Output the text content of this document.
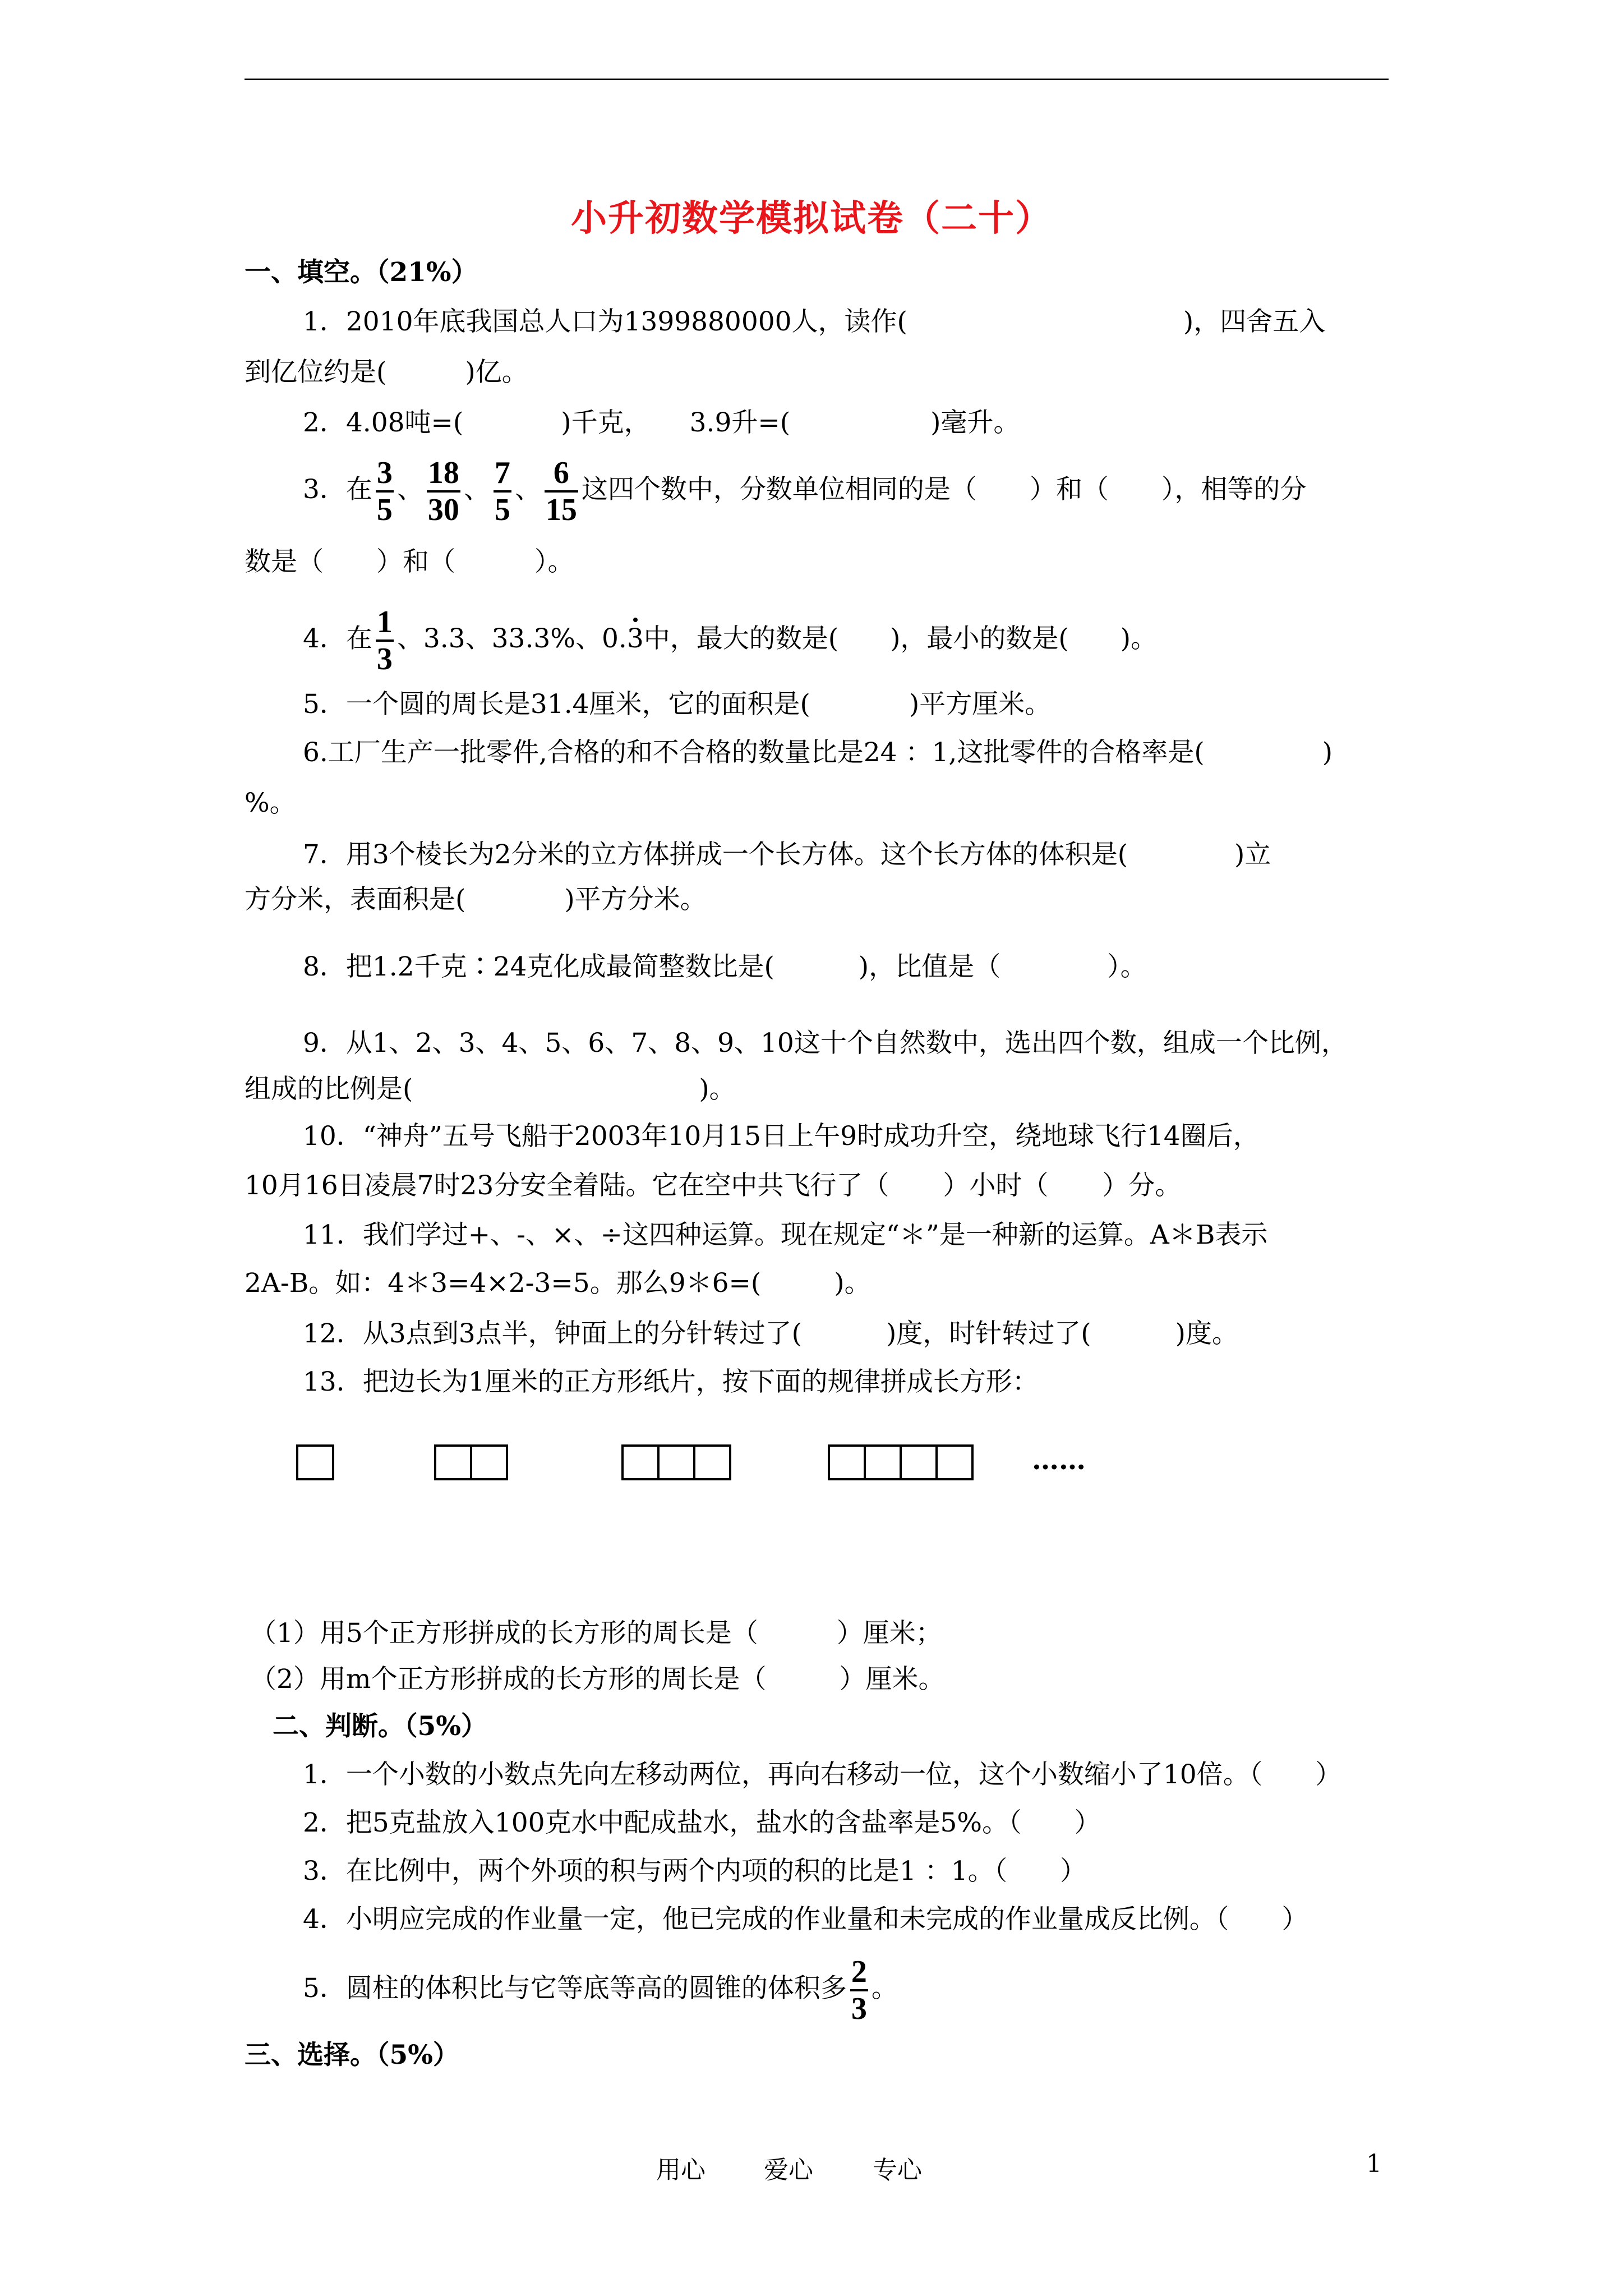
小升初数学模拟试卷（二十）
一、填空。（21%）
1．2010年底我国总人口为1399880000人，读作(	)，四舍五入
到亿位约是(	)亿。
2．4.08吨=(	)千克， 3.9升=(	)毫升。
3．在 $\frac{3}{5}$ 、 $\frac{18}{30}$ 、 $\frac{7}{5}$ 、 $\frac{6}{15}$ 这四个数中，分数单位相同的是（　　）和（　　），相等的分
数是（　　）和（　　　）。
4．在 $\frac{1}{3}$ 、3.3、33.3%、0.3中，最大的数是( )，最小的数是( )。
5．一个圆的周长是31.4厘米，它的面积是(	)平方厘米。
6.工厂生产一批零件,合格的和不合格的数量比是24 ：1,这批零件的合格率是(	)
%。
7．用3个棱长为2分米的立方体拼成一个长方体。这个长方体的体积是(	)立
方分米，表面积是(	)平方分米。
8．把1.2千克∶24克化成最简整数比是(	)，比值是（	）。
9．从1、2、3、4、5、6、7、8、9、10这十个自然数中，选出四个数，组成一个比例，
组成的比例是(	)。
10．“神舟”五号飞船于2003年10月15日上午9时成功升空，绕地球飞行14圈后，
10月16日凌晨7时23分安全着陆。它在空中共飞行了（ ）小时（ ）分。
11．我们学过+、-、×、÷这四种运算。现在规定“＊”是一种新的运算。A＊B表示
2A-B。如：4＊3=4×2-3=5。那么9＊6=(	)。
12．从3点到3点半，钟面上的分针转过了(	)度，时针转过了(	)度。
13．把边长为1厘米的正方形纸片，按下面的规律拼成长方形：
……
（1）用5个正方形拼成的长方形的周长是（	）厘米；
（2）用m个正方形拼成的长方形的周长是（	）厘米。
二、判断。（5%）
1．一个小数的小数点先向左移动两位，再向右移动一位，这个小数缩小了10倍。（　　）
2．把5克盐放入100克水中配成盐水，盐水的含盐率是5%。（　　）
3．在比例中，两个外项的积与两个内项的积的比是1 ：1。（　　）
4．小明应完成的作业量一定，他已完成的作业量和未完成的作业量成反比例。（　　）
5．圆柱的体积比与它等底等高的圆锥的体积多 $\frac{2}{3}$ 。
三、选择。（5%）
用心 爱心 专心	1
